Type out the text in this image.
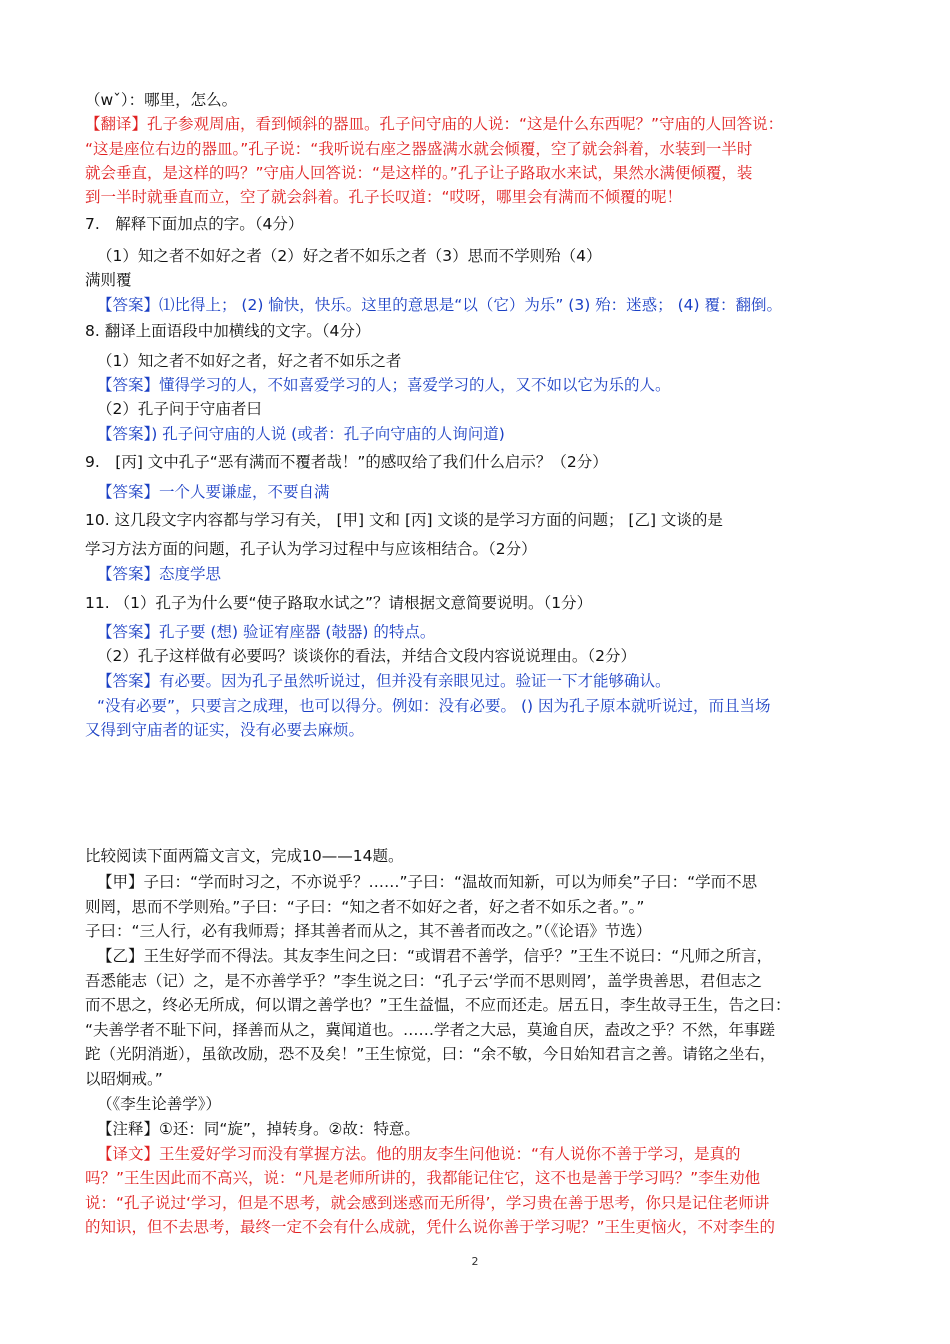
（wˇ）：哪里，怎么。
【翻译】孔子参观周庙，看到倾斜的器皿。孔子问守庙的人说：“这是什么东西呢？”守庙的人回答说：
“这是座位右边的器皿。”孔子说：“我听说右座之器盛满水就会倾覆，空了就会斜着，水装到一半时
就会垂直，是这样的吗？”守庙人回答说：“是这样的。”孔子让子路取水来试，果然水满便倾覆，装
到一半时就垂直而立，空了就会斜着。孔子长叹道：“哎呀，哪里会有满而不倾覆的呢！
7.　解释下面加点的字。（4分）
（1）知之者不如好之者（2）好之者不如乐之者（3）思而不学则殆（4）
满则覆
【答案】⑴比得上； (2) 愉快，快乐。这里的意思是“以（它）为乐” (3) 殆：迷惑； (4) 覆：翻倒。
8. 翻译上面语段中加横线的文字。（4分）
（1）知之者不如好之者，好之者不如乐之者
【答案】懂得学习的人，不如喜爱学习的人；喜爱学习的人，又不如以它为乐的人。
（2）孔子问于守庙者曰
【答案】) 孔子问守庙的人说 (或者：孔子向守庙的人询问道)
9.　[丙] 文中孔子“恶有满而不覆者哉！”的感叹给了我们什么启示？（2分）
【答案】一个人要谦虚，不要自满
10. 这几段文字内容都与学习有关， [甲] 文和 [丙] 文谈的是学习方面的问题； [乙] 文谈的是
学习方法方面的问题，孔子认为学习过程中与应该相结合。（2分）
【答案】态度学思
11. （1）孔子为什么要“使子路取水试之”？请根据文意简要说明。（1分）
【答案】孔子要 (想) 验证宥座器 (攲器) 的特点。
（2）孔子这样做有必要吗？谈谈你的看法，并结合文段内容说说理由。（2分）
【答案】有必要。因为孔子虽然听说过，但并没有亲眼见过。验证一下才能够确认。
“没有必要”，只要言之成理，也可以得分。例如：没有必要。 () 因为孔子原本就听说过，而且当场
又得到守庙者的证实，没有必要去麻烦。
比较阅读下面两篇文言文，完成10——14题。
【甲】子曰：“学而时习之，不亦说乎？……”子曰：“温故而知新，可以为师矣”子曰：“学而不思
则罔，思而不学则殆。”子曰：“子曰：“知之者不如好之者，好之者不如乐之者。”。”
子曰：“三人行，必有我师焉；择其善者而从之，其不善者而改之。”（《论语》节选）
【乙】王生好学而不得法。其友李生问之曰：“或谓君不善学，信乎？”王生不说曰：“凡师之所言，
吾悉能志（记）之，是不亦善学乎？”李生说之曰：“孔子云‘学而不思则罔’，盖学贵善思，君但志之
而不思之，终必无所成，何以谓之善学也？”王生益愠，不应而还走。居五日，李生故寻王生，告之曰：
“夫善学者不耻下问，择善而从之，冀闻道也。……学者之大忌，莫逾自厌，盍改之乎？不然，年事蹉
跎（光阴消逝），虽欲改励，恐不及矣！”王生惊觉，曰：“余不敏，今日始知君言之善。请铭之坐右，
以昭炯戒。”
（《李生论善学》）
【注释】①还：同“旋”，掉转身。②故：特意。
【译文】王生爱好学习而没有掌握方法。他的朋友李生问他说：“有人说你不善于学习，是真的
吗？”王生因此而不高兴，说：“凡是老师所讲的，我都能记住它，这不也是善于学习吗？”李生劝他
说：“孔子说过‘学习，但是不思考，就会感到迷惑而无所得’，学习贵在善于思考，你只是记住老师讲
的知识，但不去思考，最终一定不会有什么成就，凭什么说你善于学习呢？”王生更恼火，不对李生的
2
